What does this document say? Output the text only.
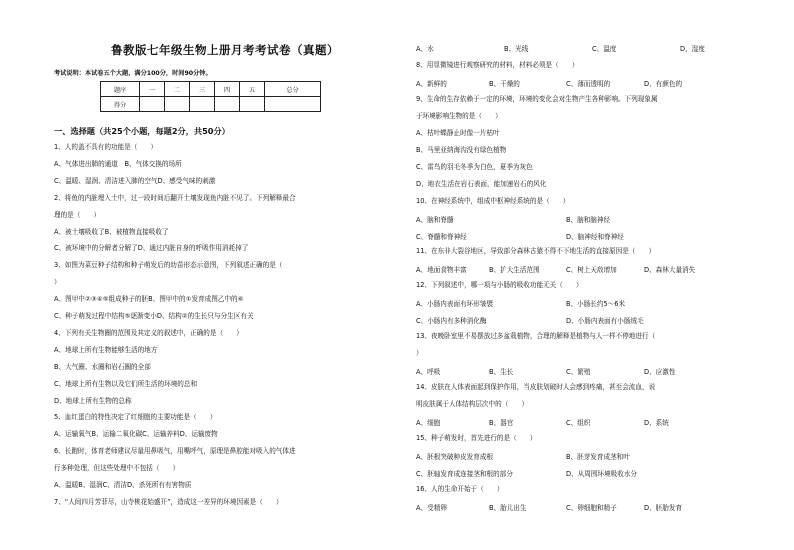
鲁教版七年级生物上册月考考试卷（真题）
考试说明：本试卷五个大题，满分100分，时间90分钟。
题序	一	二	三	四	五	总分
得分						
一、选择题（共25个小题，每题2分，共50分）
1、人的盖不具有的功能是（　　）
A、气体进出肺的通道　B、气体交换的场所
C、温暖、湿润、清洁进入肺的空气D、感受气味的刺激
2、将鱼的内脏埋入土中，过一段时间后翻开土壤发现鱼内脏不见了。下列解释最合
理的是（　　）
A、被土壤吸收了B、被植物直接吸收了
C、被环境中的分解者分解了D、通过内脏自身的呼吸作用消耗掉了
3、如图为菜豆种子结构和种子萌发后的幼苗形态示意图，下列叙述正确的是（
）
A、图甲中②③④⑤组成种子的胚B、图甲中的①发育成图乙中的⑥
C、种子萌发过程中结构⑤逐渐变小D、结构②的生长只与分生区有关
4、下列有关生物圈的范围及其定义的叙述中，正确的是（　　）
A、地球上所有生物能够生活的地方
B、大气圈、水圈和岩石圈的全部
C、地球上所有生物以及它们所生活的环境的总和
D、地球上所有生物的总称
5、血红蛋白的特性决定了红细胞的主要功能是（　　）
A、运输氧气B、运输二氧化碳C、运输养料D、运输废物
6、长跑时，体育老师建议尽量用鼻吸气，用嘴呼气，原理是鼻腔能对吸入的气体进
行多种处理，但这些处理中不包括（　　）
A、温暖B、湿润C、清洁D、杀死所有有害物质
7、“人间四月芳菲尽，山寺桃花始盛开”，造成这一差异的环境因素是（　　）
A、水	B、光线	C、温度	D、湿度
8、用显微镜进行观察研究的材料，材料必须是（　　）
A、新鲜的	B、干燥的	C、薄而透明的	D、有颜色的
9、生命的生存依赖于一定的环境，环境的变化会对生物产生各种影响。下列现象属
于环境影响生物的是（　　）
A、枯叶蝶静止时像一片枯叶
B、马里亚纳海沟没有绿色植物
C、雷鸟的羽毛冬季为白色，夏季为灰色
D、地衣生活在岩石表面，能加速岩石的风化
10、在神经系统中，组成中枢神经系统的是（　　）
A、脑和脊髓	B、脑和脑神经
C、脊髓和脊神经	D、脑神经和脊神经
11、在东非大裂谷地区，导致部分森林古猿不得不下地生活的直接原因是（　　）
A、地面食物丰富	B、扩大生活范围	C、树上天敌增加	D、森林大量消失
12、下列叙述中，哪一项与小肠的吸收功能无关（　　）
A、小肠内表面有环形皱襞	B、小肠长约5～6米
C、小肠内有多种消化酶	D、小肠内表面有小肠绒毛
13、夜晚卧室里不易摆放过多盆栽植物，合理的解释是植物与人一样不停地进行（
）
A、呼吸	B、生长	C、繁殖	D、应激性
14、皮肤在人体表面起到保护作用，当皮肤划破时人会感到疼痛，甚至会流血，说
明皮肤属于人体结构层次中的（　　）
A、细胞	B、器官	C、组织	D、系统
15、种子萌发时，首先进行的是（　　）
A、胚根突破种皮发育成根	B、胚芽发育成茎和叶
C、胚轴发育成连接茎和根的部分	D、从周围环境吸收水分
16、人的生命开始于（　　）
A、受精卵	B、胎儿出生	C、卵细胞和精子	D、胚胎发育
